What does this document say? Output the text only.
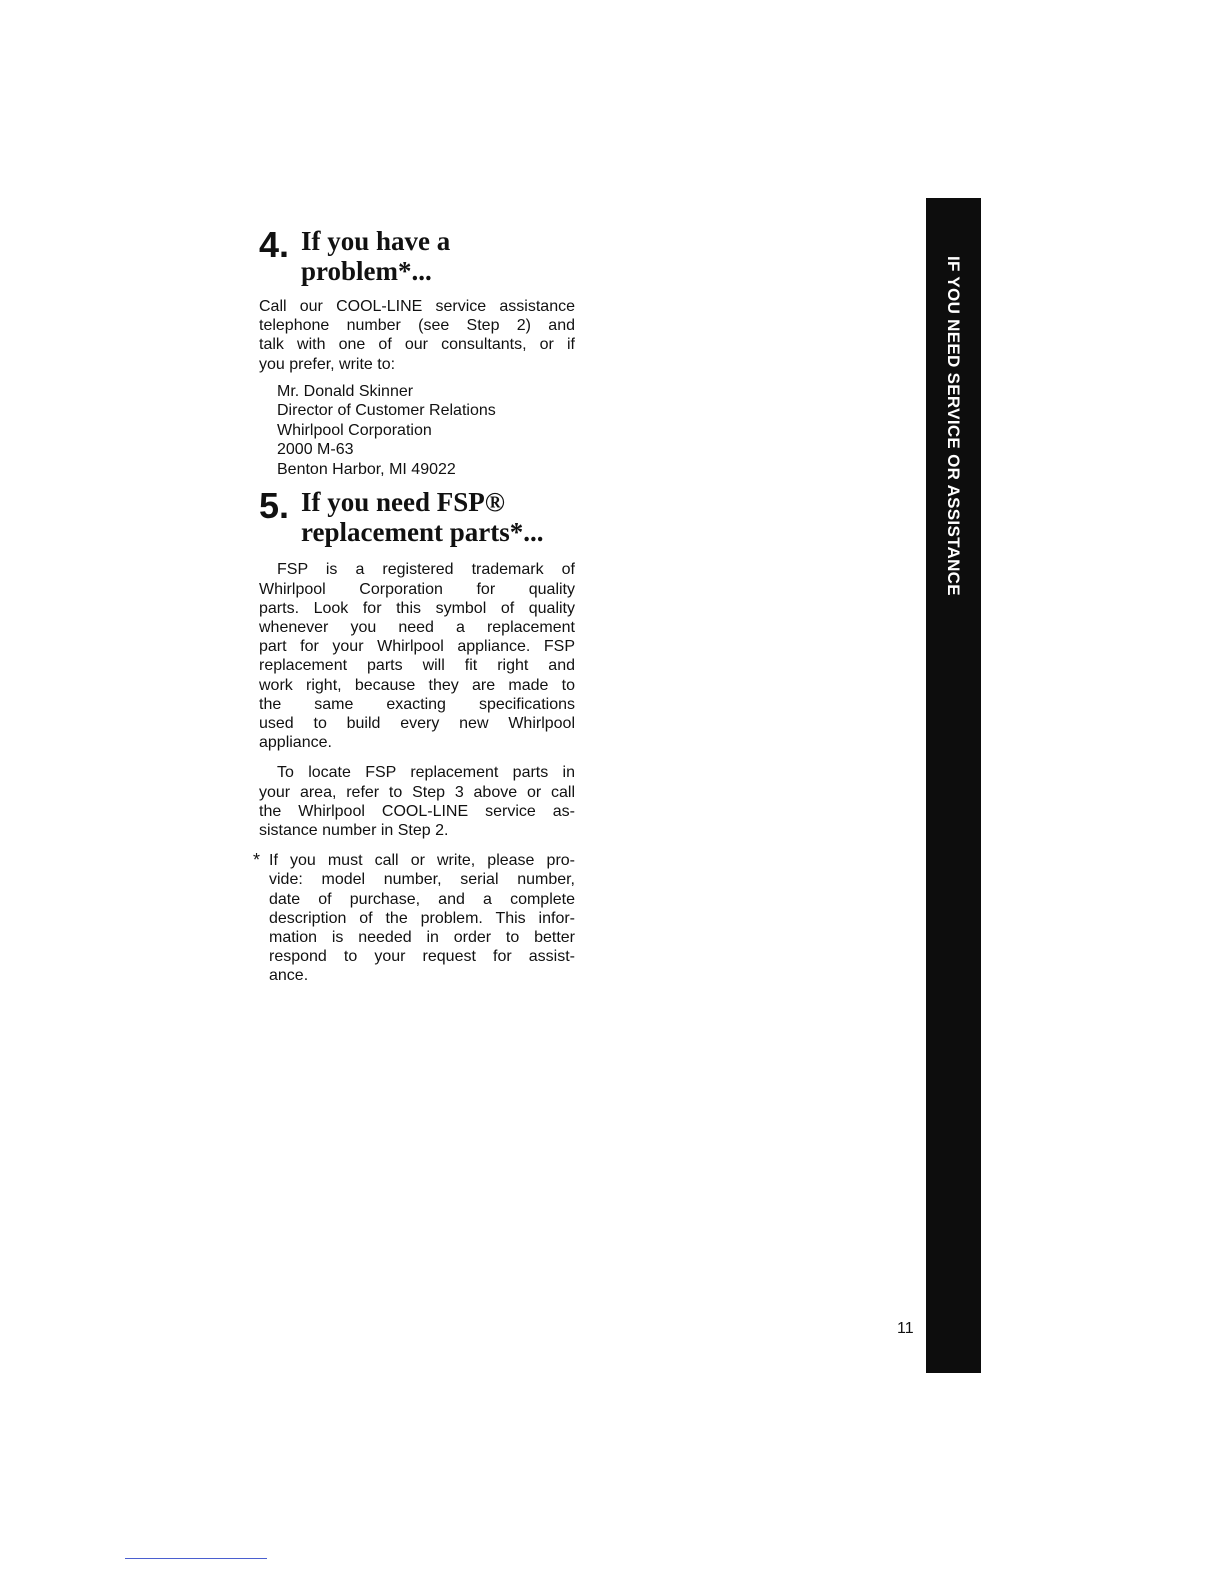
4. If you have a
problem*...

Call our COOL-LINE service assistance
telephone number (see Step 2) and
talk with one of our consultants, or if
you prefer, write to:

Mr. Donald Skinner
Director of Customer Relations
Whirlpool Corporation
2000 M-63
Benton Harbor, MI 49022
5. If you need FSP®
replacement parts*...

FSP is a registered trademark of
Whirlpool Corporation for quality
parts. Look for this symbol of quality
whenever you need a replacement
part for your Whirlpool appliance. FSP
replacement parts will fit right and
work right, because they are made to
the same exacting specifications
used to build every new Whirlpool
appliance.

To locate FSP replacement parts in
your area, refer to Step 3 above or call
the Whirlpool COOL-LINE service as-
sistance number in Step 2.

* If you must call or write, please pro-
vide: model number, serial number,
date of purchase, and a complete
description of the problem. This infor-
mation is needed in order to better
respond to your request for assist-
ance.
IF YOU NEED SERVICE OR ASSISTANCE
11
